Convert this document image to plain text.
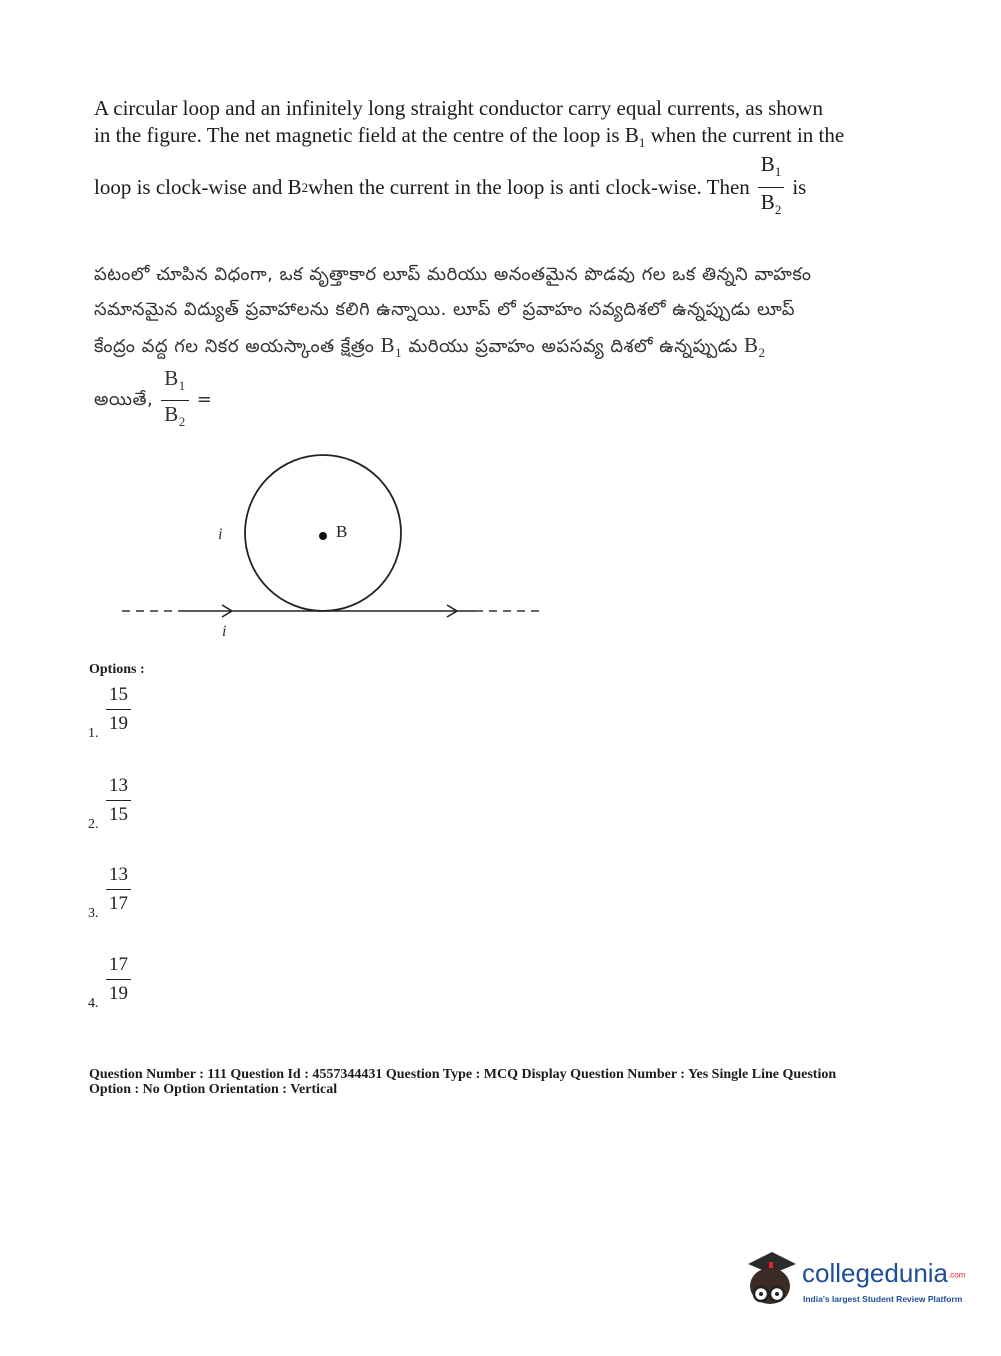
A circular loop and an infinitely long straight conductor carry equal currents, as shown
in the figure. The net magnetic field at the centre of the loop is $B_1$ when the current in the
loop is clock-wise and B 2 when the current in the loop is anti clock-wise. Then $\frac{B_1}{B_2}$ is
పటంలో చూపిన విధంగా, ఒక వృత్తాకార లూప్ మరియు అనంతమైన పొడవు గల ఒక తిన్నని వాహకం
సమానమైన విద్యుత్ ప్రవాహాలను కలిగి ఉన్నాయి. లూప్ లో ప్రవాహం సవ్యదిశలో ఉన్నప్పుడు లూప్
కేంద్రం వద్ద గల నికర అయస్కాంత క్షేత్రం $B_1$ మరియు ప్రవాహం అపసవ్య దిశలో ఉన్నప్పుడు $B_2$
అయితే, $\frac{B_1}{B_2}$ =
B
i
i
Options :
1. $\frac{15}{19}$
2. $\frac{13}{15}$
3. $\frac{13}{17}$
4. $\frac{17}{19}$
Question Number : 111 Question Id : 4557344431 Question Type : MCQ Display Question Number : Yes Single Line Question
Option : No Option Orientation : Vertical
collegedunia.com
India's largest Student Review Platform
